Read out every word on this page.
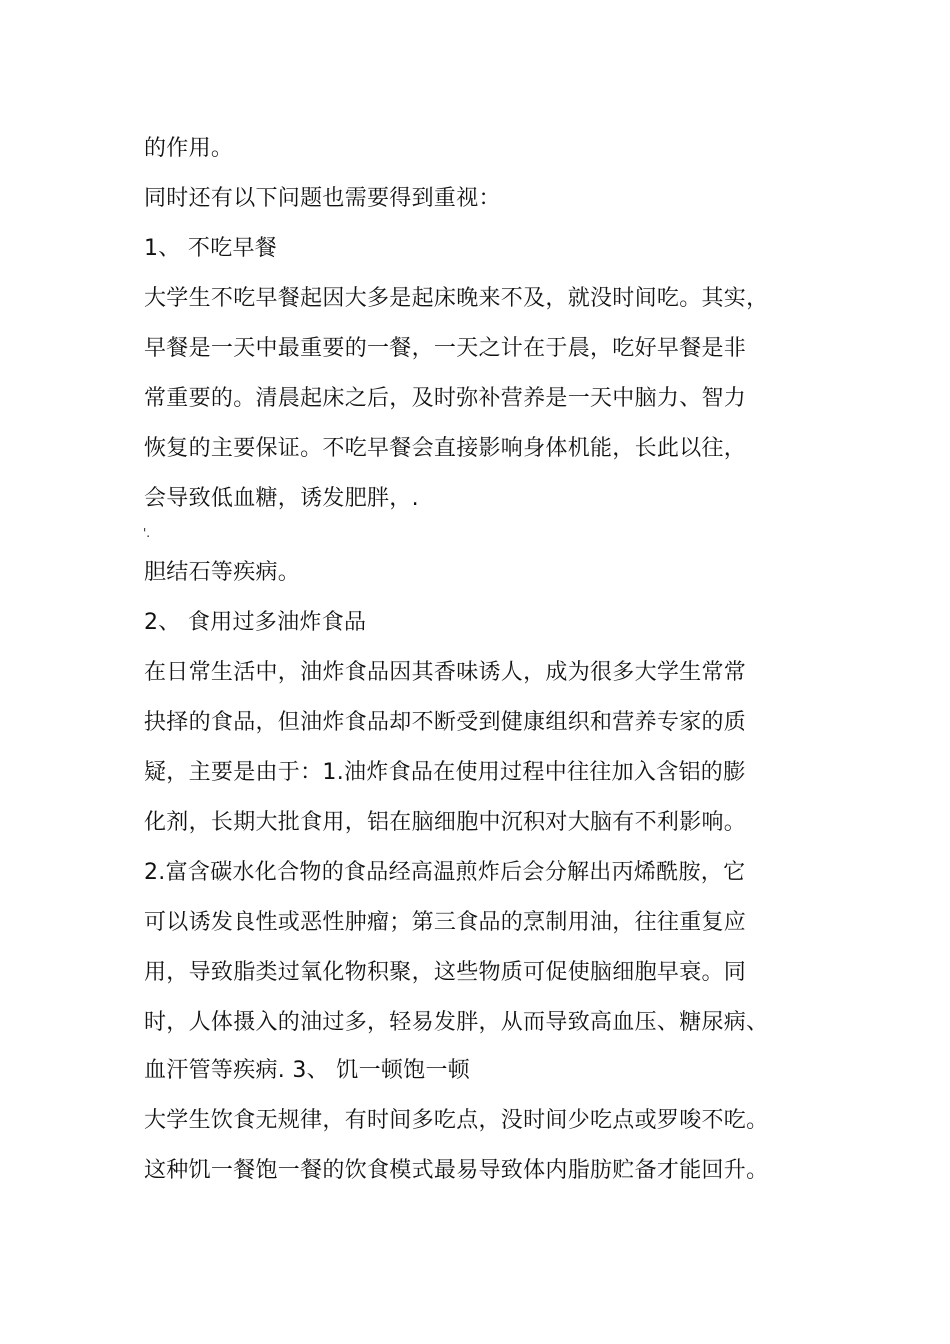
的作用。
同时还有以下问题也需要得到重视：
1、 不吃早餐
大学生不吃早餐起因大多是起床晚来不及，就没时间吃。其实，
早餐是一天中最重要的一餐，一天之计在于晨，吃好早餐是非
常重要的。清晨起床之后，及时弥补营养是一天中脑力、智力
恢复的主要保证。不吃早餐会直接影响身体机能，长此以往，
会导致低血糖，诱发肥胖，.
'.
胆结石等疾病。
2、 食用过多油炸食品
在日常生活中，油炸食品因其香味诱人，成为很多大学生常常
抉择的食品，但油炸食品却不断受到健康组织和营养专家的质
疑，主要是由于：1.油炸食品在使用过程中往往加入含铝的膨
化剂，长期大批食用，铝在脑细胞中沉积对大脑有不利影响。
2.富含碳水化合物的食品经高温煎炸后会分解出丙烯酰胺，它
可以诱发良性或恶性肿瘤；第三食品的烹制用油，往往重复应
用，导致脂类过氧化物积聚，这些物质可促使脑细胞早衰。同
时，人体摄入的油过多，轻易发胖，从而导致高血压、糖尿病、
血汗管等疾病. 3、 饥一顿饱一顿
大学生饮食无规律，有时间多吃点，没时间少吃点或罗唆不吃。
这种饥一餐饱一餐的饮食模式最易导致体内脂肪贮备才能回升。
